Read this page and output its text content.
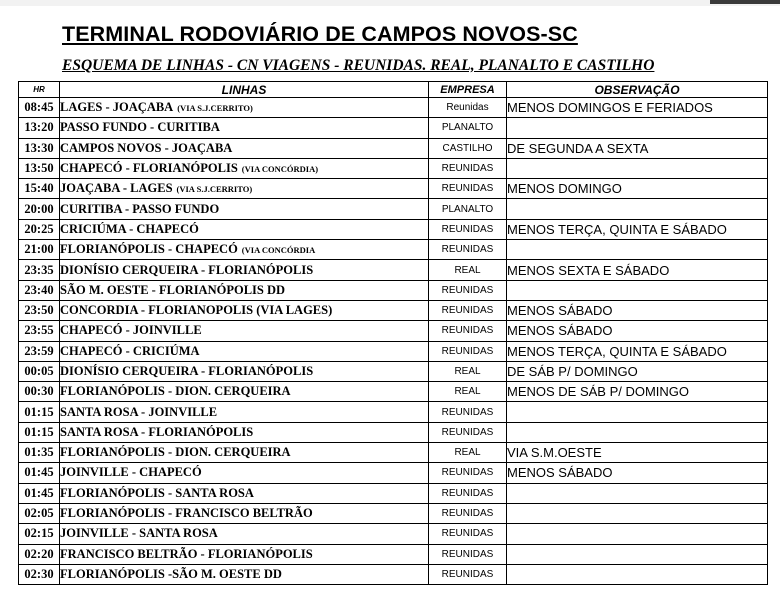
TERMINAL RODOVIÁRIO DE CAMPOS NOVOS-SC
ESQUEMA DE LINHAS - CN VIAGENS - REUNIDAS. REAL, PLANALTO E CASTILHO
HR	LINHAS	EMPRESA	OBSERVAÇÃO
08:45	LAGES - JOAÇABA (VIA S.J.CERRITO)	Reunidas	MENOS DOMINGOS E FERIADOS
13:20	PASSO FUNDO - CURITIBA	PLANALTO	
13:30	CAMPOS NOVOS - JOAÇABA	CASTILHO	DE SEGUNDA A SEXTA
13:50	CHAPECÓ - FLORIANÓPOLIS (VIA CONCÓRDIA)	REUNIDAS	
15:40	JOAÇABA - LAGES (VIA S.J.CERRITO)	REUNIDAS	MENOS DOMINGO
20:00	CURITIBA - PASSO FUNDO	PLANALTO	
20:25	CRICIÚMA - CHAPECÓ	REUNIDAS	MENOS TERÇA, QUINTA E SÁBADO
21:00	FLORIANÓPOLIS - CHAPECÓ (VIA CONCÓRDIA	REUNIDAS	
23:35	DIONÍSIO CERQUEIRA - FLORIANÓPOLIS	REAL	MENOS SEXTA E SÁBADO
23:40	SÃO M. OESTE - FLORIANÓPOLIS DD	REUNIDAS	
23:50	CONCORDIA - FLORIANOPOLIS (VIA LAGES)	REUNIDAS	MENOS SÁBADO
23:55	CHAPECÓ - JOINVILLE	REUNIDAS	MENOS SÁBADO
23:59	CHAPECÓ - CRICIÚMA	REUNIDAS	MENOS TERÇA, QUINTA E SÁBADO
00:05	DIONÍSIO CERQUEIRA - FLORIANÓPOLIS	REAL	DE SÁB P/ DOMINGO
00:30	FLORIANÓPOLIS - DION. CERQUEIRA	REAL	MENOS DE SÁB P/ DOMINGO
01:15	SANTA ROSA - JOINVILLE	REUNIDAS	
01:15	SANTA ROSA - FLORIANÓPOLIS	REUNIDAS	
01:35	FLORIANÓPOLIS - DION. CERQUEIRA	REAL	VIA S.M.OESTE
01:45	JOINVILLE - CHAPECÓ	REUNIDAS	MENOS SÁBADO
01:45	FLORIANÓPOLIS - SANTA ROSA	REUNIDAS	
02:05	FLORIANÓPOLIS - FRANCISCO BELTRÃO	REUNIDAS	
02:15	JOINVILLE - SANTA ROSA	REUNIDAS	
02:20	FRANCISCO BELTRÃO - FLORIANÓPOLIS	REUNIDAS	
02:30	FLORIANÓPOLIS -SÃO M. OESTE DD	REUNIDAS	
